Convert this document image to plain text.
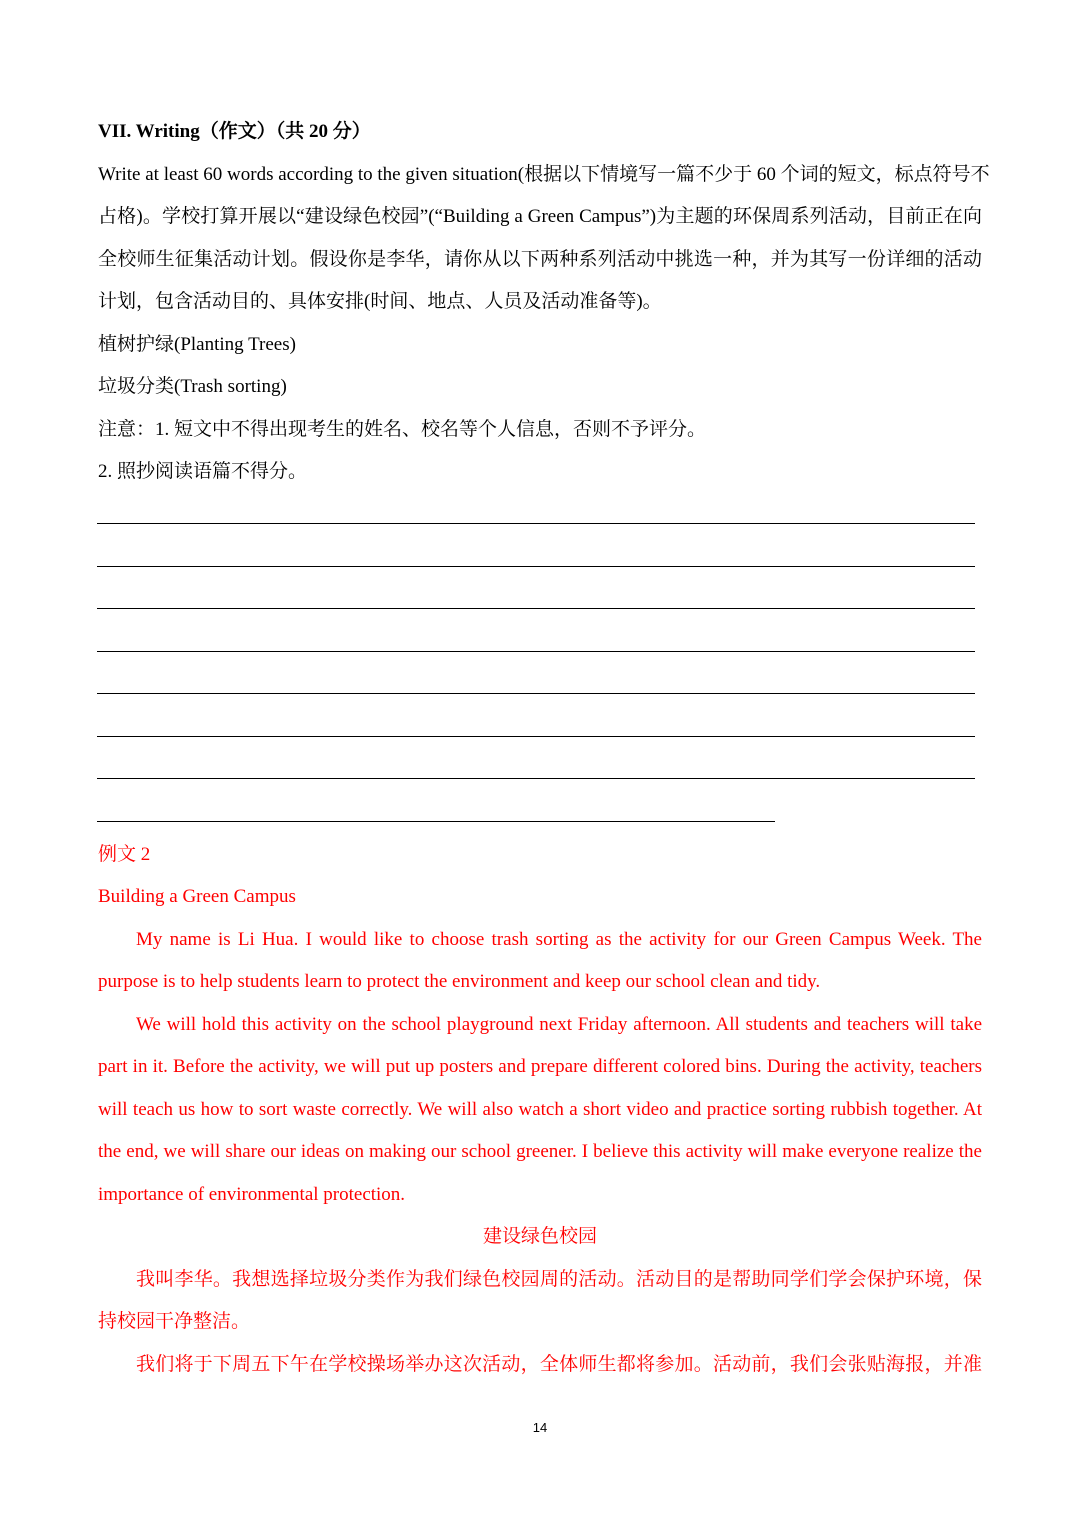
VII. Writing（作文）（共 20 分）
Write at least 60 words according to the given situation(根据以下情境写一篇不少于 60 个词的短文，标点符号不
占格)。学校打算开展以“建设绿色校园”(“Building a Green Campus”)为主题的环保周系列活动，目前正在向
全校师生征集活动计划。假设你是李华，请你从以下两种系列活动中挑选一种，并为其写一份详细的活动
计划，包含活动目的、具体安排(时间、地点、人员及活动准备等)。
植树护绿(Planting Trees)
垃圾分类(Trash sorting)
注意：1. 短文中不得出现考生的姓名、校名等个人信息，否则不予评分。
2. 照抄阅读语篇不得分。
例文 2
Building a Green Campus
My name is Li Hua. I would like to choose trash sorting as the activity for our Green Campus Week. The
purpose is to help students learn to protect the environment and keep our school clean and tidy.
We will hold this activity on the school playground next Friday afternoon. All students and teachers will take
part in it. Before the activity, we will put up posters and prepare different colored bins. During the activity, teachers
will teach us how to sort waste correctly. We will also watch a short video and practice sorting rubbish together. At
the end, we will share our ideas on making our school greener. I believe this activity will make everyone realize the
importance of environmental protection.
建设绿色校园
我叫李华。我想选择垃圾分类作为我们绿色校园周的活动。活动目的是帮助同学们学会保护环境，保
持校园干净整洁。
我们将于下周五下午在学校操场举办这次活动，全体师生都将参加。活动前，我们会张贴海报，并准
14
